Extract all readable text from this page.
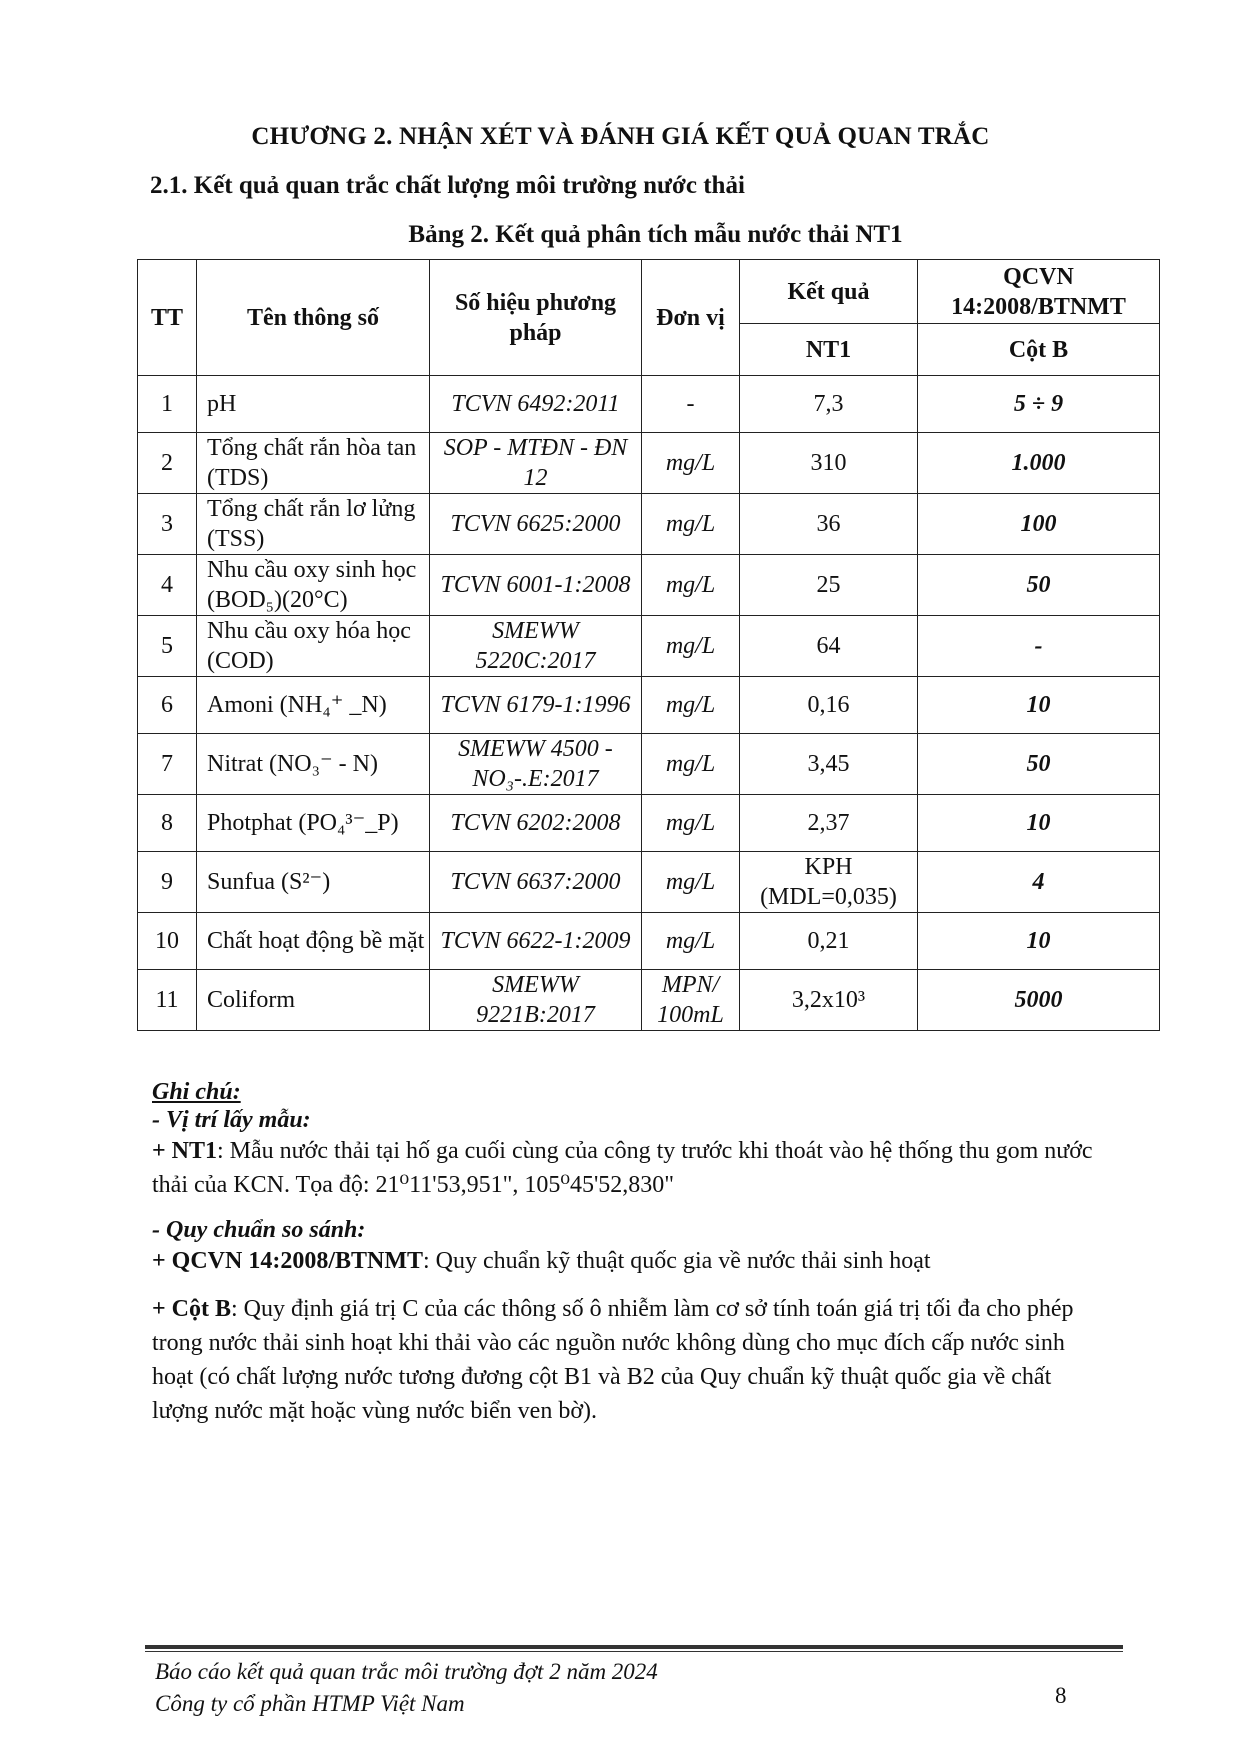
CHƯƠNG 2. NHẬN XÉT VÀ ĐÁNH GIÁ KẾT QUẢ QUAN TRẮC
2.1. Kết quả quan trắc chất lượng môi trường nước thải
Bảng 2. Kết quả phân tích mẫu nước thải NT1
TT	Tên thông số	Số hiệu phương pháp	Đơn vị	Kết quả	QCVN 14:2008/BTNMT
				NT1	Cột B
1	pH	TCVN 6492:2011	-	7,3	5 ÷ 9
2	Tổng chất rắn hòa tan (TDS)	SOP - MTĐN - ĐN 12	mg/L	310	1.000
3	Tổng chất rắn lơ lửng (TSS)	TCVN 6625:2000	mg/L	36	100
4	Nhu cầu oxy sinh học (BOD₅)(20°C)	TCVN 6001-1:2008	mg/L	25	50
5	Nhu cầu oxy hóa học (COD)	SMEWW 5220C:2017	mg/L	64	-
6	Amoni (NH₄⁺ _N)	TCVN 6179-1:1996	mg/L	0,16	10
7	Nitrat (NO₃⁻ - N)	SMEWW 4500 - NO₃-.E:2017	mg/L	3,45	50
8	Photphat (PO₄³⁻_P)	TCVN 6202:2008	mg/L	2,37	10
9	Sunfua (S²⁻)	TCVN 6637:2000	mg/L	KPH (MDL=0,035)	4
10	Chất hoạt động bề mặt	TCVN 6622-1:2009	mg/L	0,21	10
11	Coliform	SMEWW 9221B:2017	MPN/ 100mL	3,2x10³	5000

Ghi chú:

- Vị trí lấy mẫu:

+ NT1: Mẫu nước thải tại hố ga cuối cùng của công ty trước khi thoát vào hệ thống thu gom nước thải của KCN. Tọa độ: 21⁰11'53,951", 105⁰45'52,830"

- Quy chuẩn so sánh:

+ QCVN 14:2008/BTNMT: Quy chuẩn kỹ thuật quốc gia về nước thải sinh hoạt

+ Cột B: Quy định giá trị C của các thông số ô nhiễm làm cơ sở tính toán giá trị tối đa cho phép trong nước thải sinh hoạt khi thải vào các nguồn nước không dùng cho mục đích cấp nước sinh hoạt (có chất lượng nước tương đương cột B1 và B2 của Quy chuẩn kỹ thuật quốc gia về chất lượng nước mặt hoặc vùng nước biển ven bờ).

Báo cáo kết quả quan trắc môi trường đợt 2 năm 2024
Công ty cổ phần HTMP Việt Nam	8
